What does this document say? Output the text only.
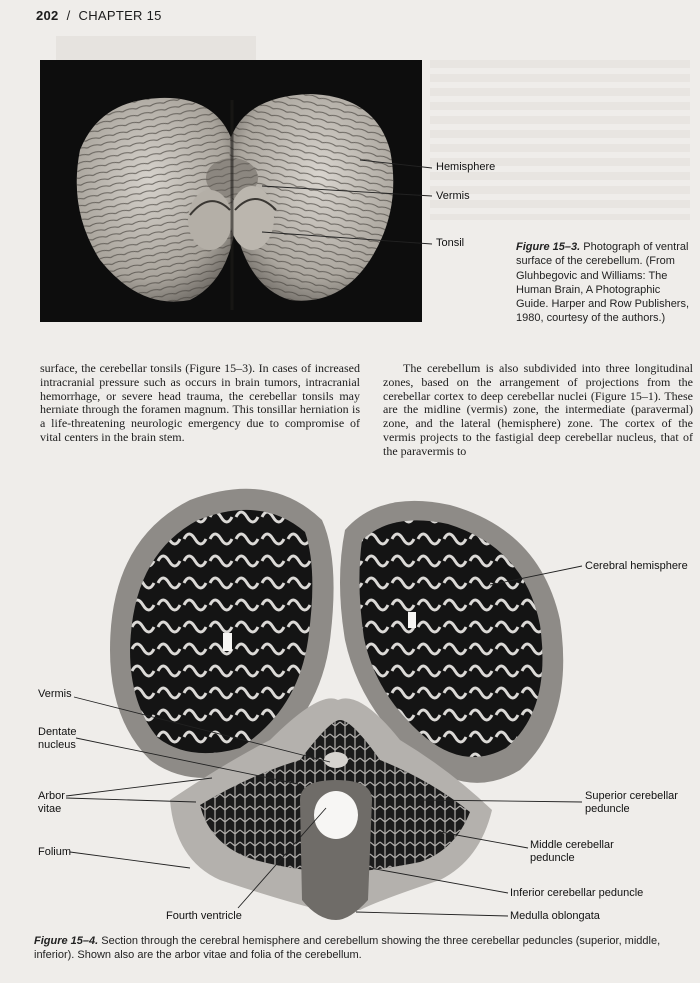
202 / CHAPTER 15
Hemisphere
Vermis
Tonsil	Figure 15–3. Photograph of ventral surface of the cerebellum. (From Gluhbegovic and Williams: The Human Brain, A Photographic Guide. Harper and Row Publishers, 1980, courtesy of the authors.)
surface, the cerebellar tonsils (Figure 15–3). In cases of increased intracranial pressure such as occurs in brain tumors, intracranial hemorrhage, or severe head trauma, the cerebellar tonsils may herniate through the foramen magnum. This tonsillar herniation is a life-threatening neurologic emergency due to compromise of vital centers in the brain stem.
The cerebellum is also subdivided into three longitudinal zones, based on the arrangement of projections from the cerebellar cortex to deep cerebellar nuclei (Figure 15–1). These are the midline (vermis) zone, the intermediate (paravermal) zone, and the lateral (hemisphere) zone. The cortex of the vermis projects to the fastigial deep cerebellar nucleus, that of the paravermis to
Cerebral hemisphere
Vermis
Dentate
nucleus
Arbor
vitae
Folium
Fourth ventricle
Superior cerebellar
peduncle
Middle cerebellar
peduncle
Inferior cerebellar peduncle
Medulla oblongata
Figure 15–4. Section through the cerebral hemisphere and cerebellum showing the three cerebellar peduncles (superior, middle, inferior). Shown also are the arbor vitae and folia of the cerebellum.
